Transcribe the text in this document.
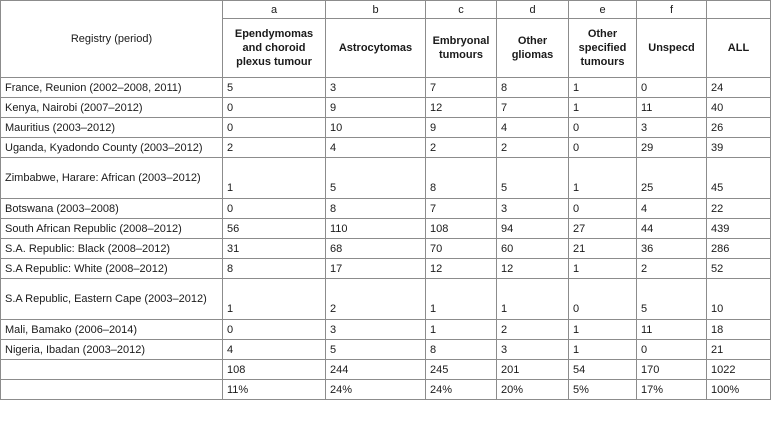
Registry (period)	a	b	c	d	e	f	
	Ependymomas and choroid plexus tumour	Astrocytomas	Embryonal tumours	Other gliomas	Other specified tumours	Unspecd	ALL
France, Reunion (2002–2008, 2011)	5	3	7	8	1	0	24
Kenya, Nairobi (2007–2012)	0	9	12	7	1	11	40
Mauritius (2003–2012)	0	10	9	4	0	3	26
Uganda, Kyadondo County (2003–2012)	2	4	2	2	0	29	39
Zimbabwe, Harare: African (2003–2012)	1	5	8	5	1	25	45
Botswana (2003–2008)	0	8	7	3	0	4	22
South African Republic (2008–2012)	56	110	108	94	27	44	439
S.A. Republic: Black (2008–2012)	31	68	70	60	21	36	286
S.A Republic: White (2008–2012)	8	17	12	12	1	2	52
S.A Republic, Eastern Cape (2003–2012)	1	2	1	1	0	5	10
Mali, Bamako (2006–2014)	0	3	1	2	1	11	18
Nigeria, Ibadan (2003–2012)	4	5	8	3	1	0	21
	108	244	245	201	54	170	1022
	11%	24%	24%	20%	5%	17%	100%
